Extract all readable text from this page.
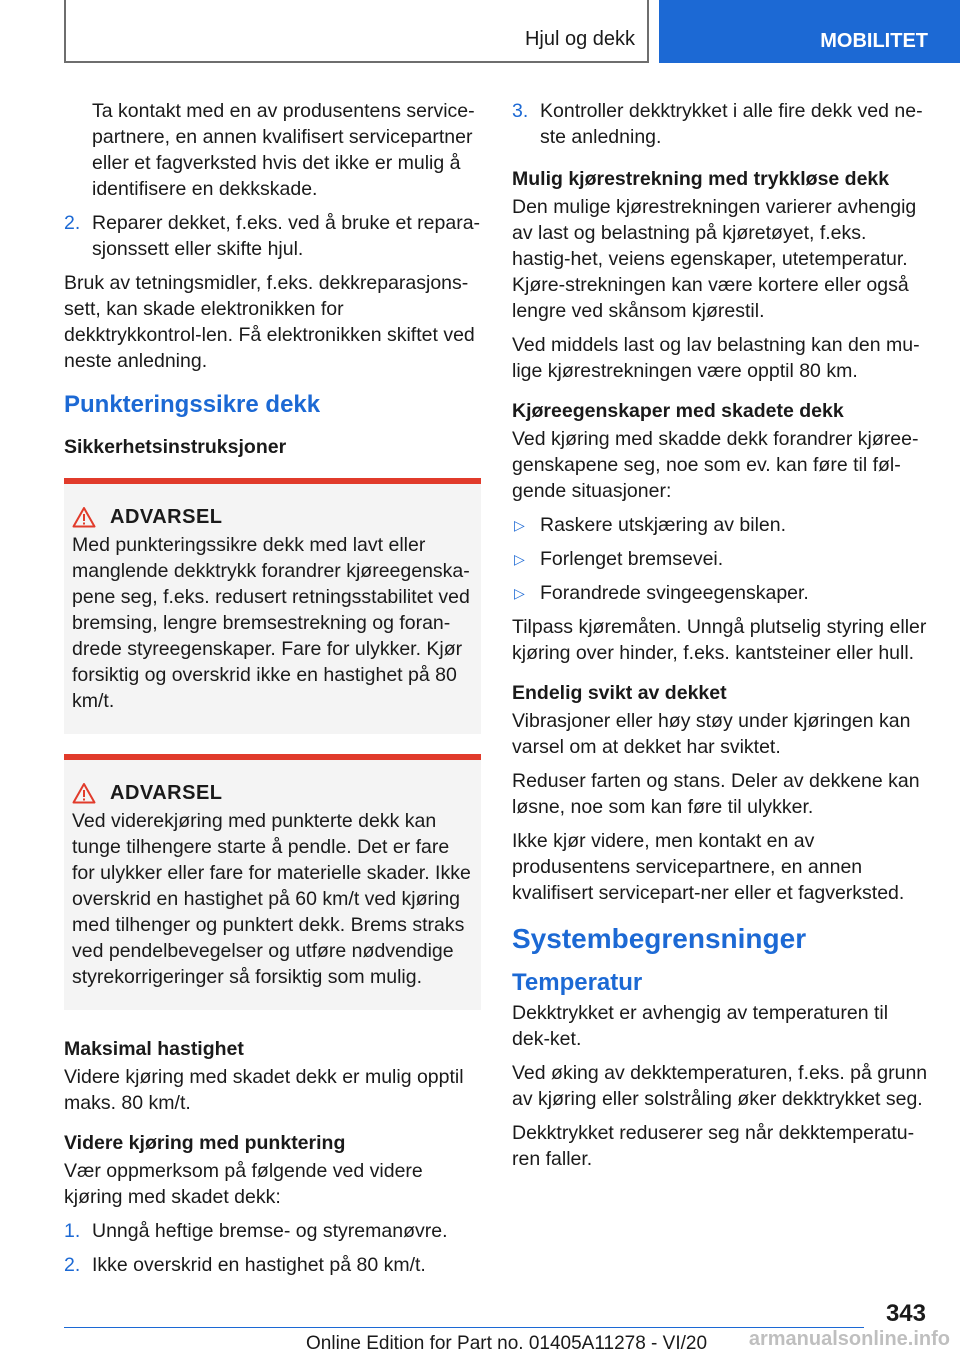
Hjul og dekk	MOBILITET

Ta kontakt med en av produsentens service-partnere, en annen kvalifisert servicepartner eller et fagverksted hvis det ikke er mulig å identifisere en dekkskade.

2. Reparer dekket, f.eks. ved å bruke et repara-sjonssett eller skifte hjul.

Bruk av tetningsmidler, f.eks. dekkreparasjons-sett, kan skade elektronikken for dekktrykkontrol-len. Få elektronikken skiftet ved neste anledning.

Punkteringssikre dekk
Sikkerhetsinstruksjoner
ADVARSEL
Med punkteringssikre dekk med lavt eller manglende dekktrykk forandrer kjøreegenska-pene seg, f.eks. redusert retningsstabilitet ved bremsing, lengre bremsestrekning og foran-drede styreegenskaper. Fare for ulykker. Kjør forsiktig og overskrid ikke en hastighet på 80 km/t.
ADVARSEL
Ved viderekjøring med punkterte dekk kan tunge tilhengere starte å pendle. Det er fare for ulykker eller fare for materielle skader. Ikke overskrid en hastighet på 60 km/t ved kjøring med tilhenger og punktert dekk. Brems straks ved pendelbevegelser og utføre nødvendige styrekorrigeringer så forsiktig som mulig.
Maksimal hastighet

Videre kjøring med skadet dekk er mulig opptil maks. 80 km/t.

Videre kjøring med punktering

Vær oppmerksom på følgende ved videre kjøring med skadet dekk:

1. Unngå heftige bremse- og styremanøvre.
2. Ikke overskrid en hastighet på 80 km/t.
3. Kontroller dekktrykket i alle fire dekk ved ne-ste anledning.
Mulig kjørestrekning med trykkløse dekk

Den mulige kjørestrekningen varierer avhengig av last og belastning på kjøretøyet, f.eks. hastig-het, veiens egenskaper, utetemperatur. Kjøre-strekningen kan være kortere eller også lengre ved skånsom kjørestil.

Ved middels last og lav belastning kan den mu-lige kjørestrekningen være opptil 80 km.

Kjøreegenskaper med skadete dekk

Ved kjøring med skadde dekk forandrer kjøree-genskapene seg, noe som ev. kan føre til føl-gende situasjoner:

▷ Raskere utskjæring av bilen.
▷ Forlenget bremsevei.
▷ Forandrede svingeegenskaper.

Tilpass kjøremåten. Unngå plutselig styring eller kjøring over hinder, f.eks. kantsteiner eller hull.

Endelig svikt av dekket

Vibrasjoner eller høy støy under kjøringen kan varsel om at dekket har sviktet.

Reduser farten og stans. Deler av dekkene kan løsne, noe som kan føre til ulykker.

Ikke kjør videre, men kontakt en av produsentens servicepartnere, en annen kvalifisert servicepart-ner eller et fagverksted.

Systembegrensninger
Temperatur

Dekktrykket er avhengig av temperaturen til dek-ket.

Ved øking av dekktemperaturen, f.eks. på grunn av kjøring eller solstråling øker dekktrykket seg.

Dekktrykket reduserer seg når dekktemperatu-ren faller.

343
Online Edition for Part no. 01405A11278 - VI/20 armanualsonline.info
